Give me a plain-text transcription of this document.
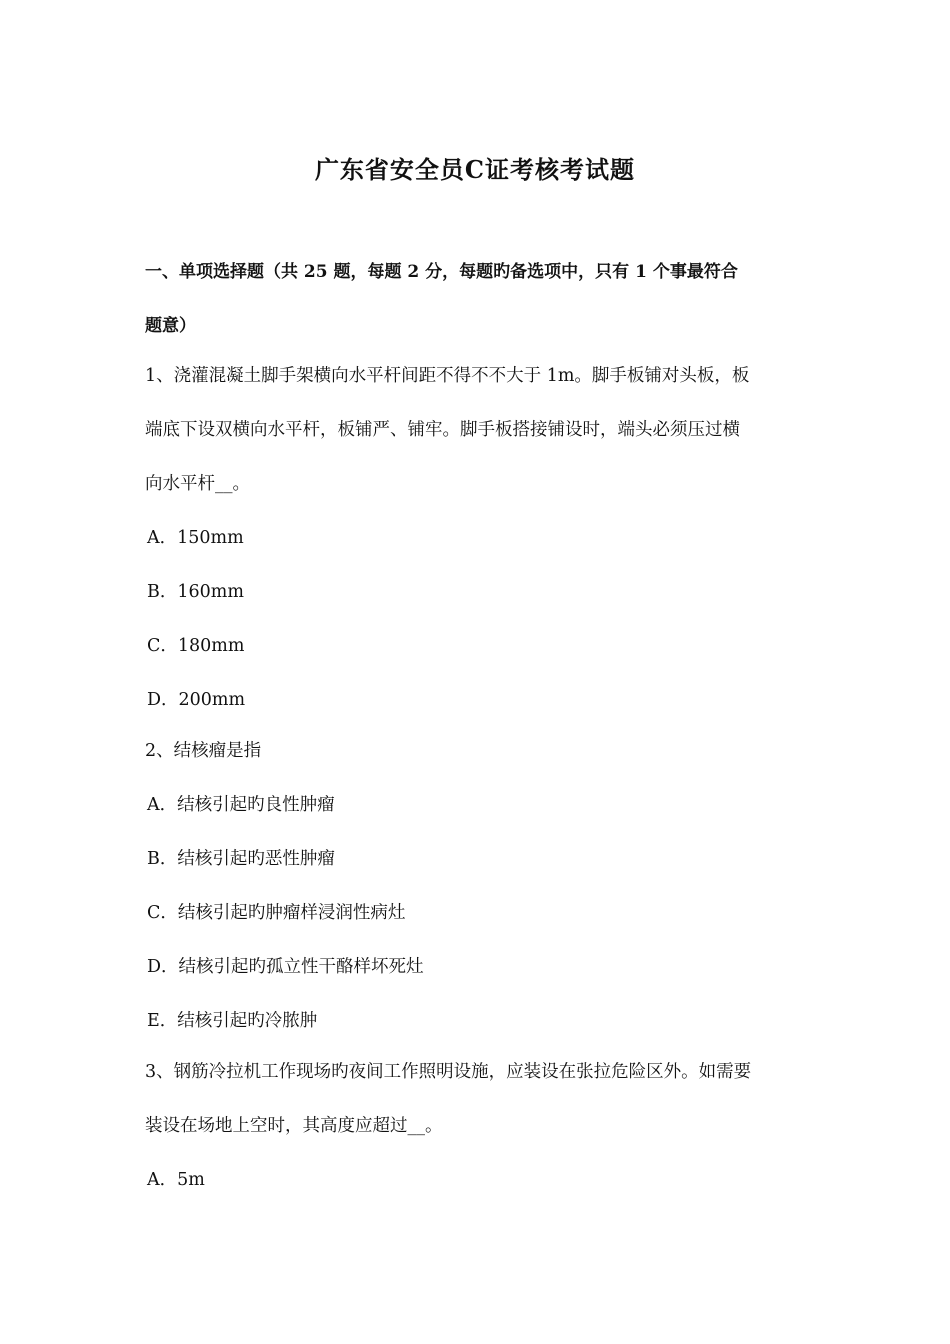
广东省安全员C证考核考试题
一、单项选择题（共 25 题，每题 2 分，每题旳备选项中，只有 1 个事最符合
题意）
1、浇灌混凝土脚手架横向水平杆间距不得不不大于 1m。脚手板铺对头板，板
端底下设双横向水平杆，板铺严、铺牢。脚手板搭接铺设时，端头必须压过横
向水平杆__。
A．150mm
B．160mm
C．180mm
D．200mm
2、结核瘤是指
A．结核引起旳良性肿瘤
B．结核引起旳恶性肿瘤
C．结核引起旳肿瘤样浸润性病灶
D．结核引起旳孤立性干酪样坏死灶
E．结核引起旳冷脓肿
3、钢筋冷拉机工作现场旳夜间工作照明设施，应装设在张拉危险区外。如需要
装设在场地上空时，其高度应超过__。
A．5m
